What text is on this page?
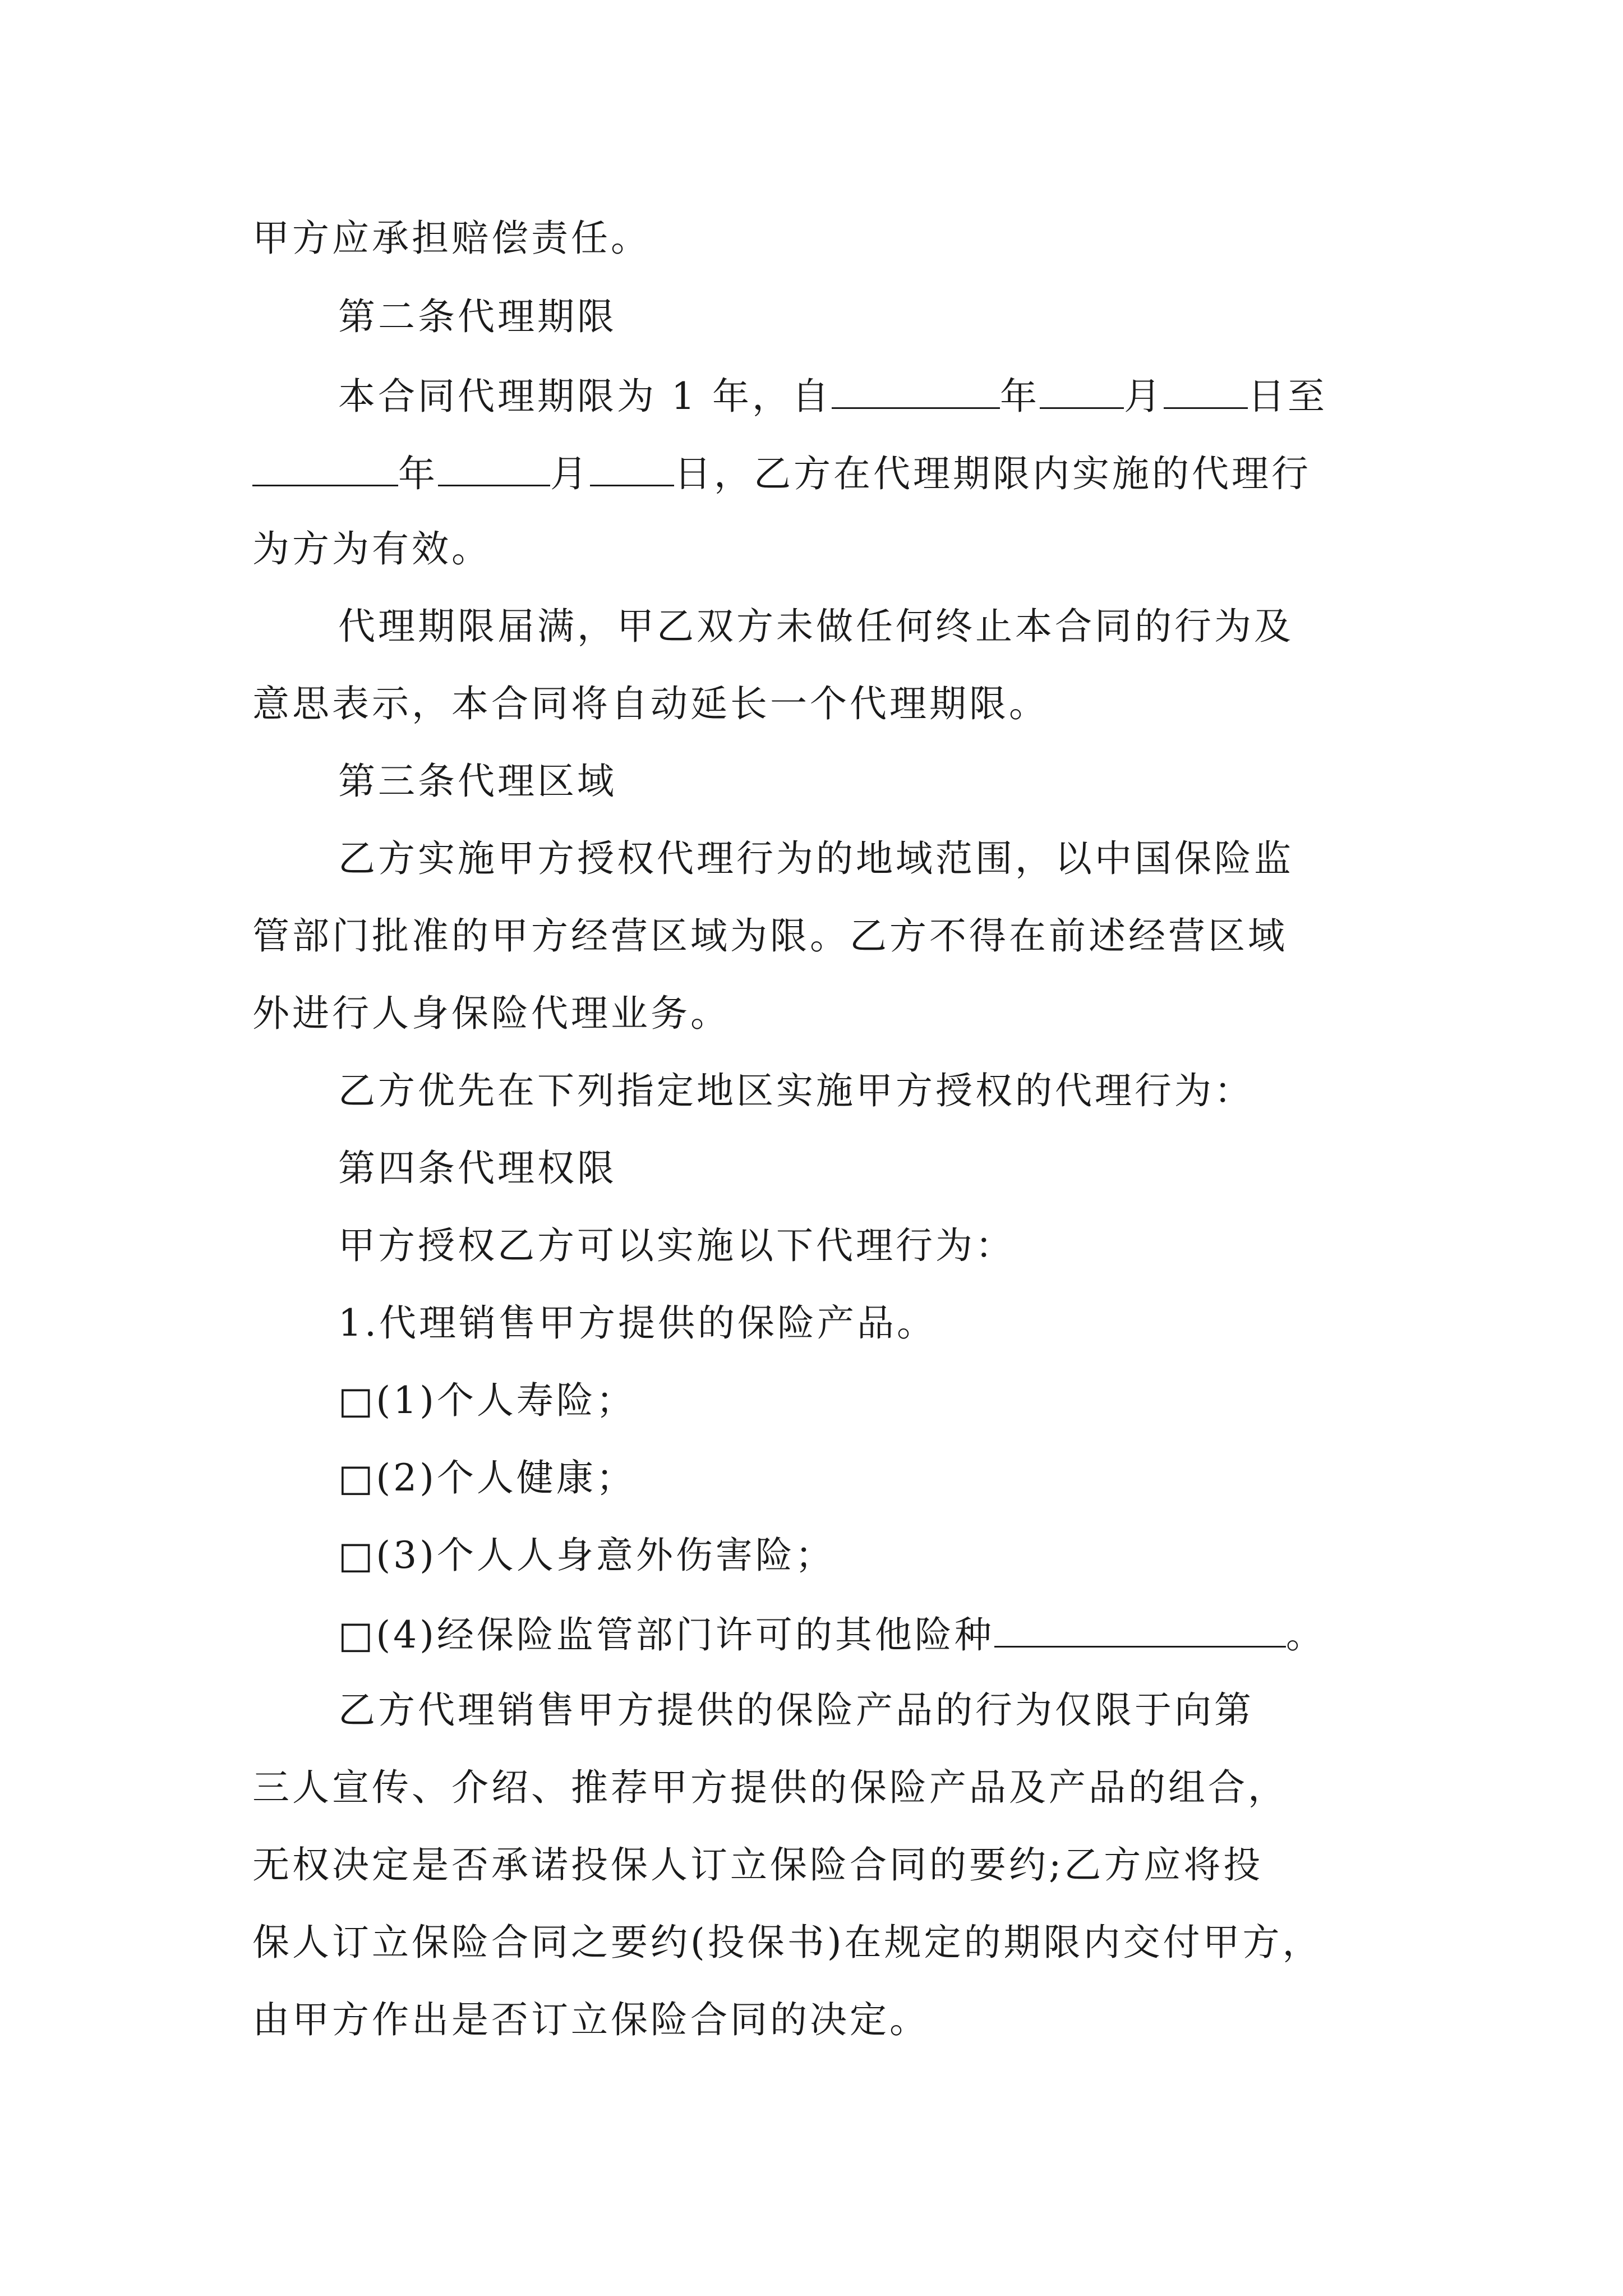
甲方应承担赔偿责任。
第二条代理期限
本合同代理期限为 1 年，自	年 月 日至
年	月 日，乙方在代理期限内实施的代理行
为方为有效。
代理期限届满，甲乙双方未做任何终止本合同的行为及
意思表示，本合同将自动延长一个代理期限。
第三条代理区域
乙方实施甲方授权代理行为的地域范围，以中国保险监
管部门批准的甲方经营区域为限。乙方不得在前述经营区域
外进行人身保险代理业务。
乙方优先在下列指定地区实施甲方授权的代理行为：
第四条代理权限
甲方授权乙方可以实施以下代理行为：
1.代理销售甲方提供的保险产品。
□(1)个人寿险；
□(2)个人健康；
□(3)个人人身意外伤害险；
□(4)经保险监管部门许可的其他险种	。
乙方代理销售甲方提供的保险产品的行为仅限于向第
三人宣传、介绍、推荐甲方提供的保险产品及产品的组合，
无权决定是否承诺投保人订立保险合同的要约;乙方应将投
保人订立保险合同之要约(投保书)在规定的期限内交付甲方，
由甲方作出是否订立保险合同的决定。
